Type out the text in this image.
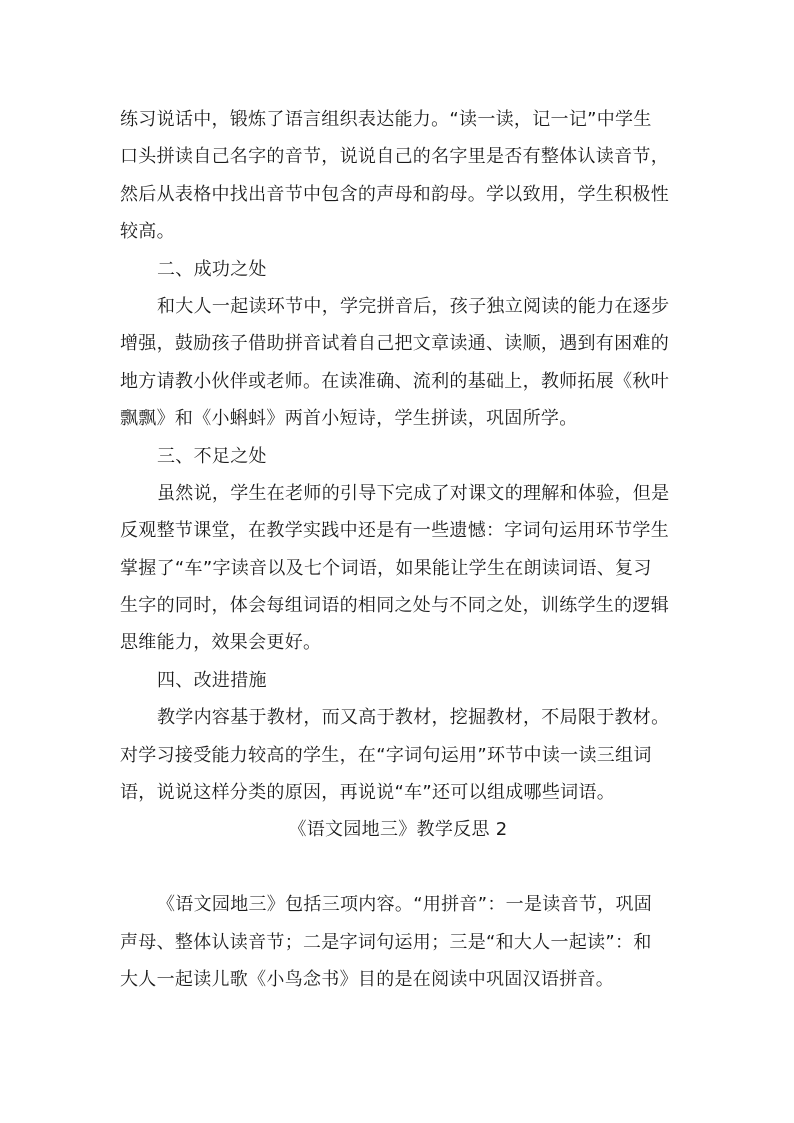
练习说话中，锻炼了语言组织表达能力。“读一读，记一记”中学生
口头拼读自己名字的音节，说说自己的名字里是否有整体认读音节，
然后从表格中找出音节中包含的声母和韵母。学以致用，学生积极性
较高。
二、成功之处
和大人一起读环节中，学完拼音后，孩子独立阅读的能力在逐步
增强，鼓励孩子借助拼音试着自己把文章读通、读顺，遇到有困难的
地方请教小伙伴或老师。在读准确、流利的基础上，教师拓展《秋叶
飘飘》和《小蝌蚪》两首小短诗，学生拼读，巩固所学。
三、不足之处
虽然说，学生在老师的引导下完成了对课文的理解和体验，但是
反观整节课堂，在教学实践中还是有一些遗憾：字词句运用环节学生
掌握了“车”字读音以及七个词语，如果能让学生在朗读词语、复习
生字的同时，体会每组词语的相同之处与不同之处，训练学生的逻辑
思维能力，效果会更好。
四、改进措施
教学内容基于教材，而又高于教材，挖掘教材，不局限于教材。
对学习接受能力较高的学生，在“字词句运用”环节中读一读三组词
语，说说这样分类的原因，再说说“车”还可以组成哪些词语。
《语文园地三》教学反思 2
《语文园地三》包括三项内容。“用拼音”：一是读音节，巩固
声母、整体认读音节；二是字词句运用；三是“和大人一起读”：和
大人一起读儿歌《小鸟念书》目的是在阅读中巩固汉语拼音。
